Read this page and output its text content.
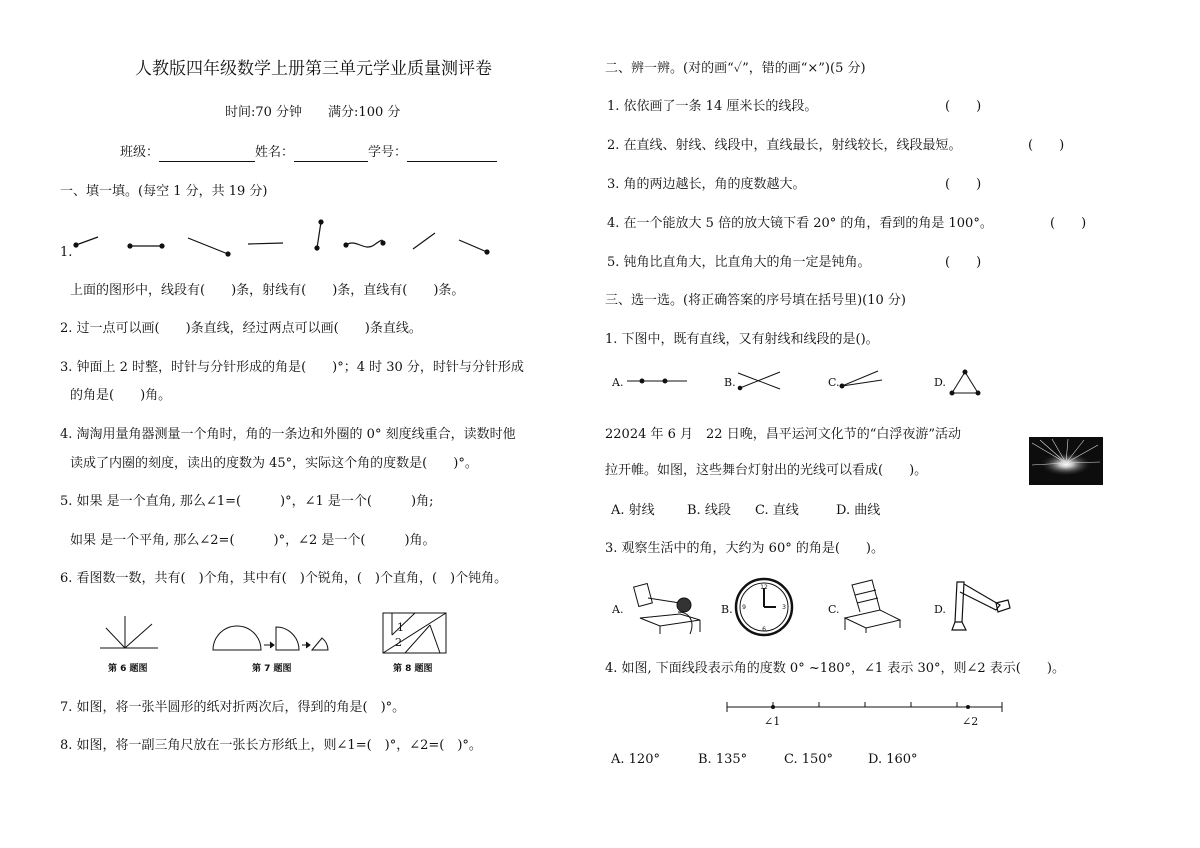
人教版四年级数学上册第三单元学业质量测评卷
时间:70 分钟　　满分:100 分
班级：	姓名：	学号：
一、填一填。(每空 1 分，共 19 分)
1.
上面的图形中，线段有(　　)条，射线有(　　)条，直线有(　　)条。
2. 过一点可以画(　　)条直线，经过两点可以画(　　)条直线。
3. 钟面上 2 时整，时针与分针形成的角是(　　)°；4 时 30 分，时针与分针形成
的角是(　　)角。
4. 淘淘用量角器测量一个角时，角的一条边和外圈的 0° 刻度线重合，读数时他
读成了内圈的刻度，读出的度数为 45°，实际这个角的度数是(　　)°。
5. 如果 是一个直角, 那么∠1=(　　　)°，∠1 是一个(　　　)角;
如果 是一个平角, 那么∠2=(　　　)°，∠2 是一个(　　　)角。
6. 看图数一数，共有(　)个角，其中有(　)个锐角，(　)个直角，(　)个钝角。
第 6 题图	第 7 题图
1
2
第 8 题图
7. 如图，将一张半圆形的纸对折两次后，得到的角是(　)°。
8. 如图，将一副三角尺放在一张长方形纸上，则∠1=(　)°，∠2=(　)°。
二、辨一辨。(对的画“✓”，错的画“×”)(5 分)
1. 依依画了一条 14 厘米长的线段。	(　　)
2. 在直线、射线、线段中，直线最长，射线较长，线段最短。	(　　)
3. 角的两边越长，角的度数越大。	(　　)
4. 在一个能放大 5 倍的放大镜下看 20° 的角，看到的角是 100°。	(　　)
5. 钝角比直角大，比直角大的角一定是钝角。	(　　)
三、选一选。(将正确答案的序号填在括号里)(10 分)
1. 下图中，既有直线，又有射线和线段的是()。
A.	B.	C.	D.
22024 年 6 月　22 日晚，昌平运河文化节的“白浮夜游”活动
拉开帷。如图，这些舞台灯射出的光线可以看成(　　)。
A. 射线 B. 线段 C. 直线	D. 曲线
3. 观察生活中的角，大约为 60° 的角是(　　)。
A.	B.
12
6
9	3	C.	D.
4. 如图, 下面线段表示角的度数 0° ~180°，∠1 表示 30°，则∠2 表示(　　)。
∠1	∠2
A. 120°	B. 135°	C. 150°	D. 160°
